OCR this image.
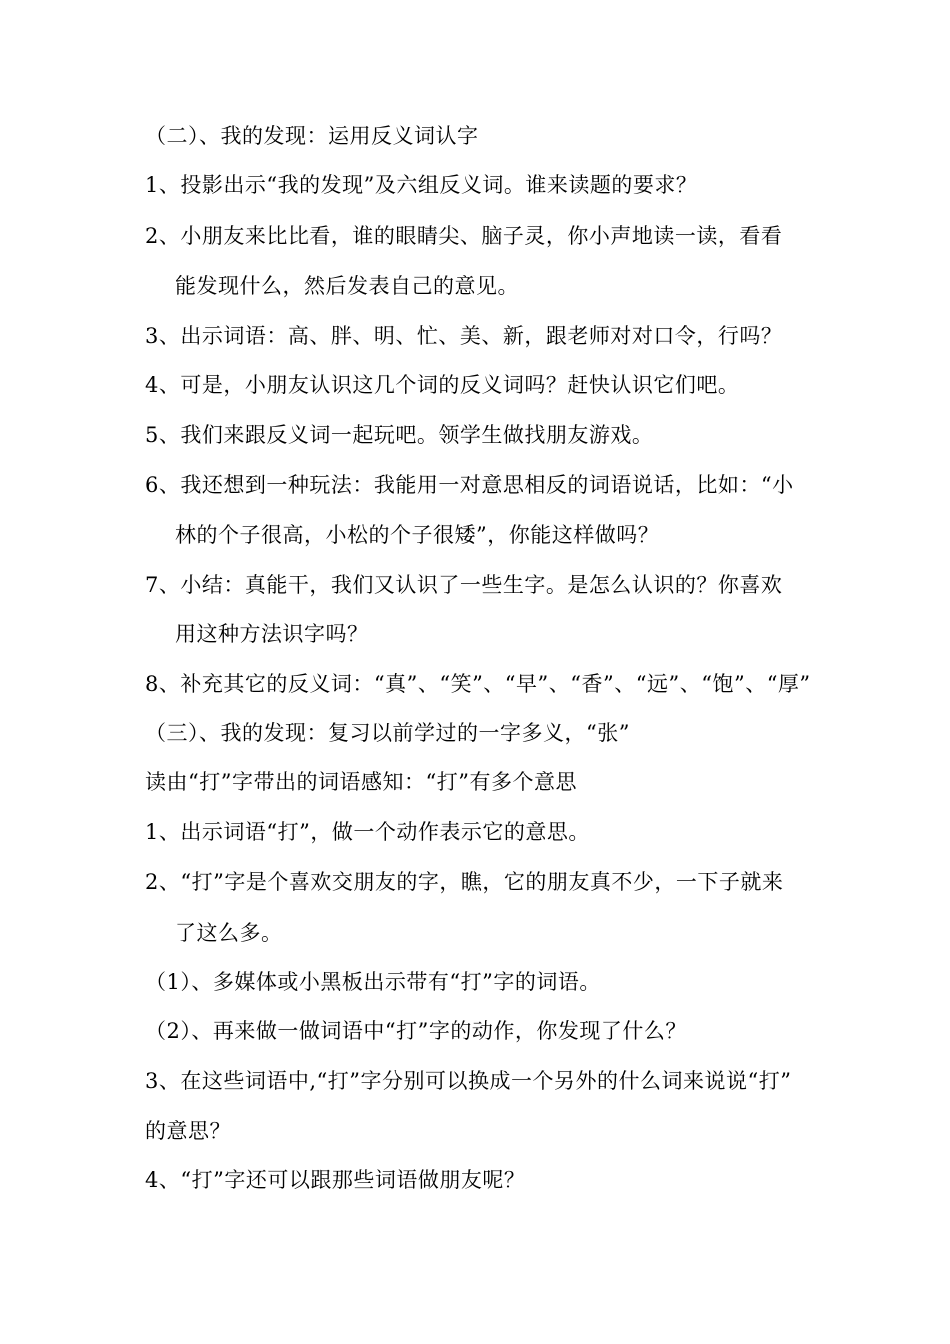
（二）、我的发现：运用反义词认字
1、投影出示“我的发现”及六组反义词。谁来读题的要求？
2、小朋友来比比看，谁的眼睛尖、脑子灵，你小声地读一读，看看
能发现什么，然后发表自己的意见。
3、出示词语：高、胖、明、忙、美、新，跟老师对对口令，行吗？
4、可是，小朋友认识这几个词的反义词吗？赶快认识它们吧。
5、我们来跟反义词一起玩吧。领学生做找朋友游戏。
6、我还想到一种玩法：我能用一对意思相反的词语说话，比如：“小
林的个子很高，小松的个子很矮”，你能这样做吗？
7、小结：真能干，我们又认识了一些生字。是怎么认识的？你喜欢
用这种方法识字吗？
8、补充其它的反义词：“真”、“笑”、“早”、“香”、“远”、“饱”、“厚”
（三）、我的发现：复习以前学过的一字多义，“张”
读由“打”字带出的词语感知：“打”有多个意思
1、出示词语“打”，做一个动作表示它的意思。
2、“打”字是个喜欢交朋友的字，瞧，它的朋友真不少，一下子就来
了这么多。
（1）、多媒体或小黑板出示带有“打”字的词语。
（2）、再来做一做词语中“打”字的动作，你发现了什么？
3、在这些词语中,“打”字分别可以换成一个另外的什么词来说说“打”
的意思？
4、“打”字还可以跟那些词语做朋友呢？
